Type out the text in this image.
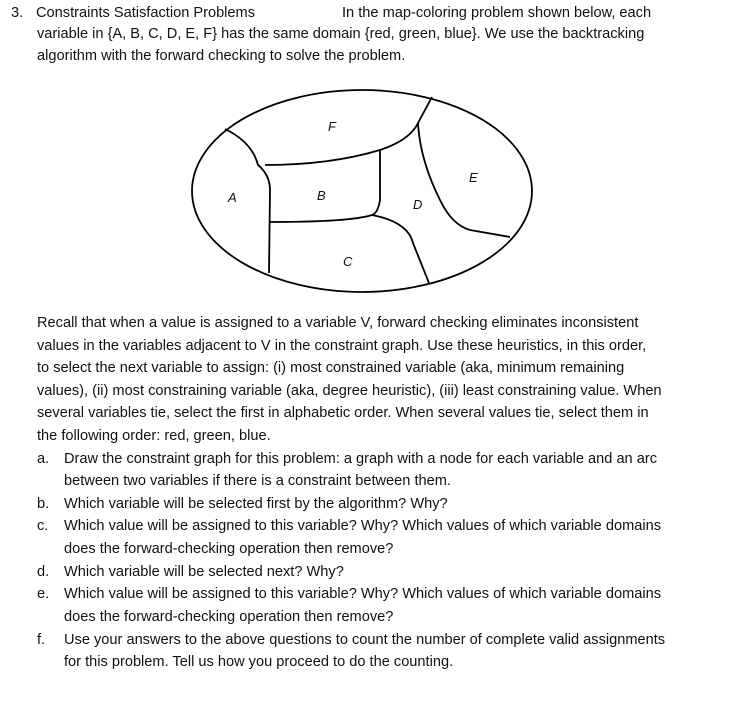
3. Constraints Satisfaction Problems	In the map-coloring problem shown below, each
variable in {A, B, C, D, E, F} has the same domain {red, green, blue}. We use the backtracking
algorithm with the forward checking to solve the problem.
F
E
A	B
D
C
Recall that when a value is assigned to a variable V, forward checking eliminates inconsistent
values in the variables adjacent to V in the constraint graph. Use these heuristics, in this order,
to select the next variable to assign: (i) most constrained variable (aka, minimum remaining
values), (ii) most constraining variable (aka, degree heuristic), (iii) least constraining value. When
several variables tie, select the first in alphabetic order. When several values tie, select them in
the following order: red, green, blue.
a. Draw the constraint graph for this problem: a graph with a node for each variable and an arc
between two variables if there is a constraint between them.
b. Which variable will be selected first by the algorithm? Why?
c. Which value will be assigned to this variable? Why? Which values of which variable domains
does the forward-checking operation then remove?
d. Which variable will be selected next? Why?
e. Which value will be assigned to this variable? Why? Which values of which variable domains
does the forward-checking operation then remove?
f. Use your answers to the above questions to count the number of complete valid assignments
for this problem. Tell us how you proceed to do the counting.
